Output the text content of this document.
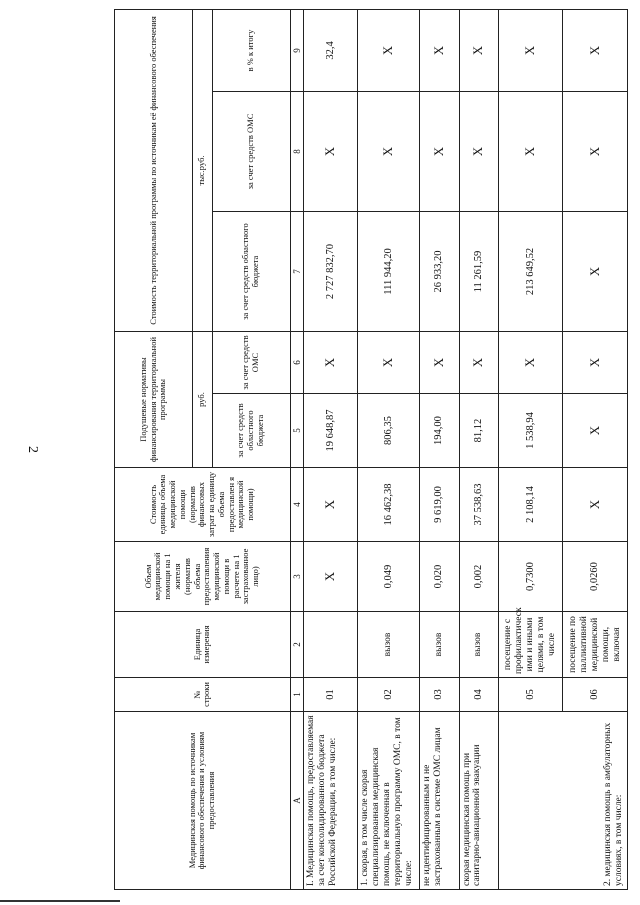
2
Медицинская помощь по источникам финансового обеспечения и условиям предоставления	№ строки	Единица измерения	Объем медицинской помощи на 1 жителя (норматив объема предоставления медицинской помощи в расчете на 1 застрахованное лицо)	Стоимость единицы объема медицинской помощи (норматив финансовых затрат на единицу объема предоставлен я медицинской помощи)	Подушевые нормативы финансирования территориальной программы		Стоимость территориальной программы по источникам её финансового обеспечения		
					руб.		тыс.руб.		
					за счет средств областного бюджета	за счет средств ОМС	за счет средств областного бюджета	за счет средств ОМС	в % к итогу
А	1	2	3	4	5	6	7	8	9
I. Медицинская помощь, предоставляемая за счет консолидированного бюджета Российской Федерации, в том числе:	01		Х	Х	19 648,87	Х	2 727 832,70	Х	32,4
1. скорая, в том числе скорая специализированная медицинская помощь, не включенная в территориальную программу ОМС, в том числе:	02	вызов	0,049	16 462,38	806,35	Х	111 944,20	Х	Х
не идентифицированным и не застрахованным в системе ОМС лицам	03	вызов	0,020	9 619,00	194,00	Х	26 933,20	Х	Х
скорая медицинская помощь при санитарно-авиационной эвакуации	04	вызов	0,002	37 538,63	81,12	Х	11 261,59	Х	Х
2. медицинская помощь в амбулаторных условиях, в том числе:	05	посещение с профилактическ ими и иными целями, в том числе	0,7300	2 108,14	1 538,94	Х	213 649,52	Х	Х
	06	посещение по паллиативной медицинской помощи, включая	0,0260	Х	Х	Х	Х	Х	Х
